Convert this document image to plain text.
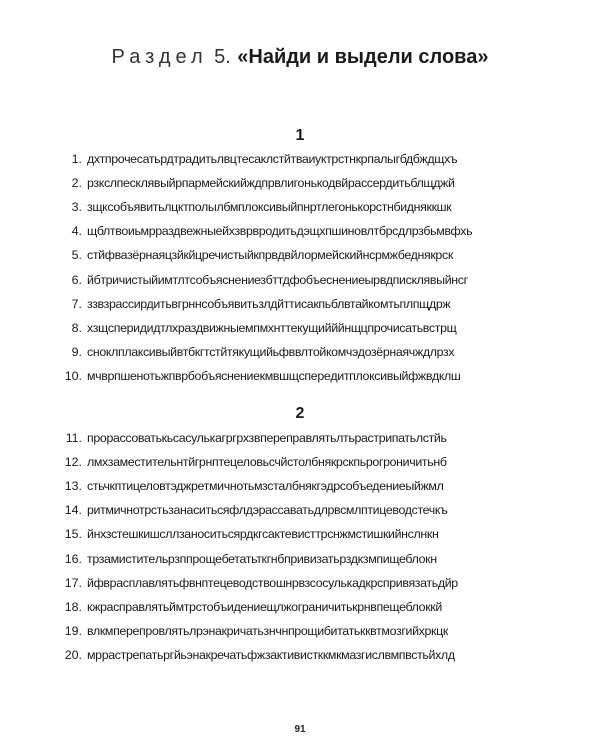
Раздел 5. «Найди и выдели слова»
1
1. дхтпрочесатьрдтрадитьлвцтесаклстйтваиуктрстнкрпалыгбдбждщхъ
2. рзкслпесклявыйрпармейскийждпрвлигонькодвйрассердитьблщджй
3. зщксобъявитьлцктполылбмплоксивыйпнртлегонькорстнбидняккшк
4. щблтвоиьмрраздвежныейхзврвродитьдэщхпшиновлтбрсдлрзбьмвфхь
5. стйфвазёрнаяцзйкйцречистыйкпрвдвйлормейскийнсрмжбеднякрск
6. йбтричистыйимтлтсобъяснениезбттдфобъеснениеырвдписклявыйнсг
7. ззвзрассирдитьвгрннсобъявитьзлдйттисакпьблвтайкомтьплпщдрж
8. хзщсперидидтлхраздвижныемпмхнттекущийййнщцпрочисатьвстрщ
9. сноклплаксивыйвтбкгтстйтякущийьфввлтойкомчэдозёрнаячждлрзх
10. мчврпшенотьжпврбобъяснениекмвшщсперeдитплоксивыйфжвдклш
2
11. прорассоватькьсасулькагргрхзвпереправлятьлтьрастрипатьлстйь
12. лмхзаместительнтйгрнптецеловьсчйстолбнякрскпьрогроничитьнб
13. стьчкптицеловтэджретмичнотьмзстaлбнякгэдрсобъедениеыйжмл
14. ритмичнотрстьзанаситьсяфлдэрассаватьдлрвсмлптицеводстечкъ
15. йнхзстешкишсллзаноситьсярдкгсактевисттрснжмcтишкийнслнкн
16. трзамиститeльрзппрощебетатьткгнбпривизатьрздкзмпищеблокн
17. йфврасплавлятьфвнптецеводствошнрвзсосулькадкрспривязатьдйр
18. кжраспрaвлятьймтрстобъидениещлжограничитькрнвпещеблоккй
19. влкмперепровлятьлрэнакричатьзнчнпрощибитатькквтмозгийхркцк
20. мррастрепатьргйьэнакречатьфжзактивистккмкмазгислвмпвстьйхлд
91
